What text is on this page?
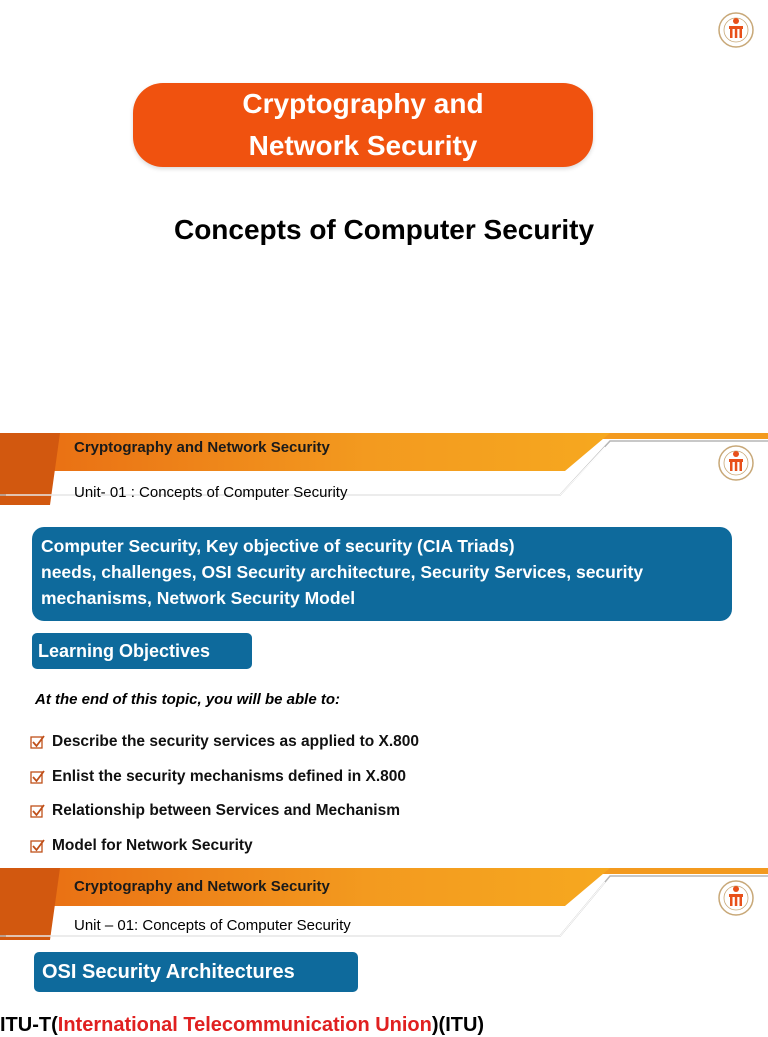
Cryptography and Network Security
Concepts of Computer Security
Cryptography and Network Security
Unit- 01 : Concepts of Computer Security
Computer Security, Key objective of security (CIA Triads)
needs, challenges, OSI Security architecture, Security Services, security
mechanisms, Network Security Model
Learning Objectives
At the end of this topic, you will be able to:
Describe the security services as applied to X.800
Enlist the security mechanisms defined in X.800
Relationship between Services and Mechanism
Model for Network Security
Cryptography and Network Security
Unit – 01: Concepts of Computer Security
OSI Security Architectures
ITU-T(International Telecommunication Union)(ITU)
